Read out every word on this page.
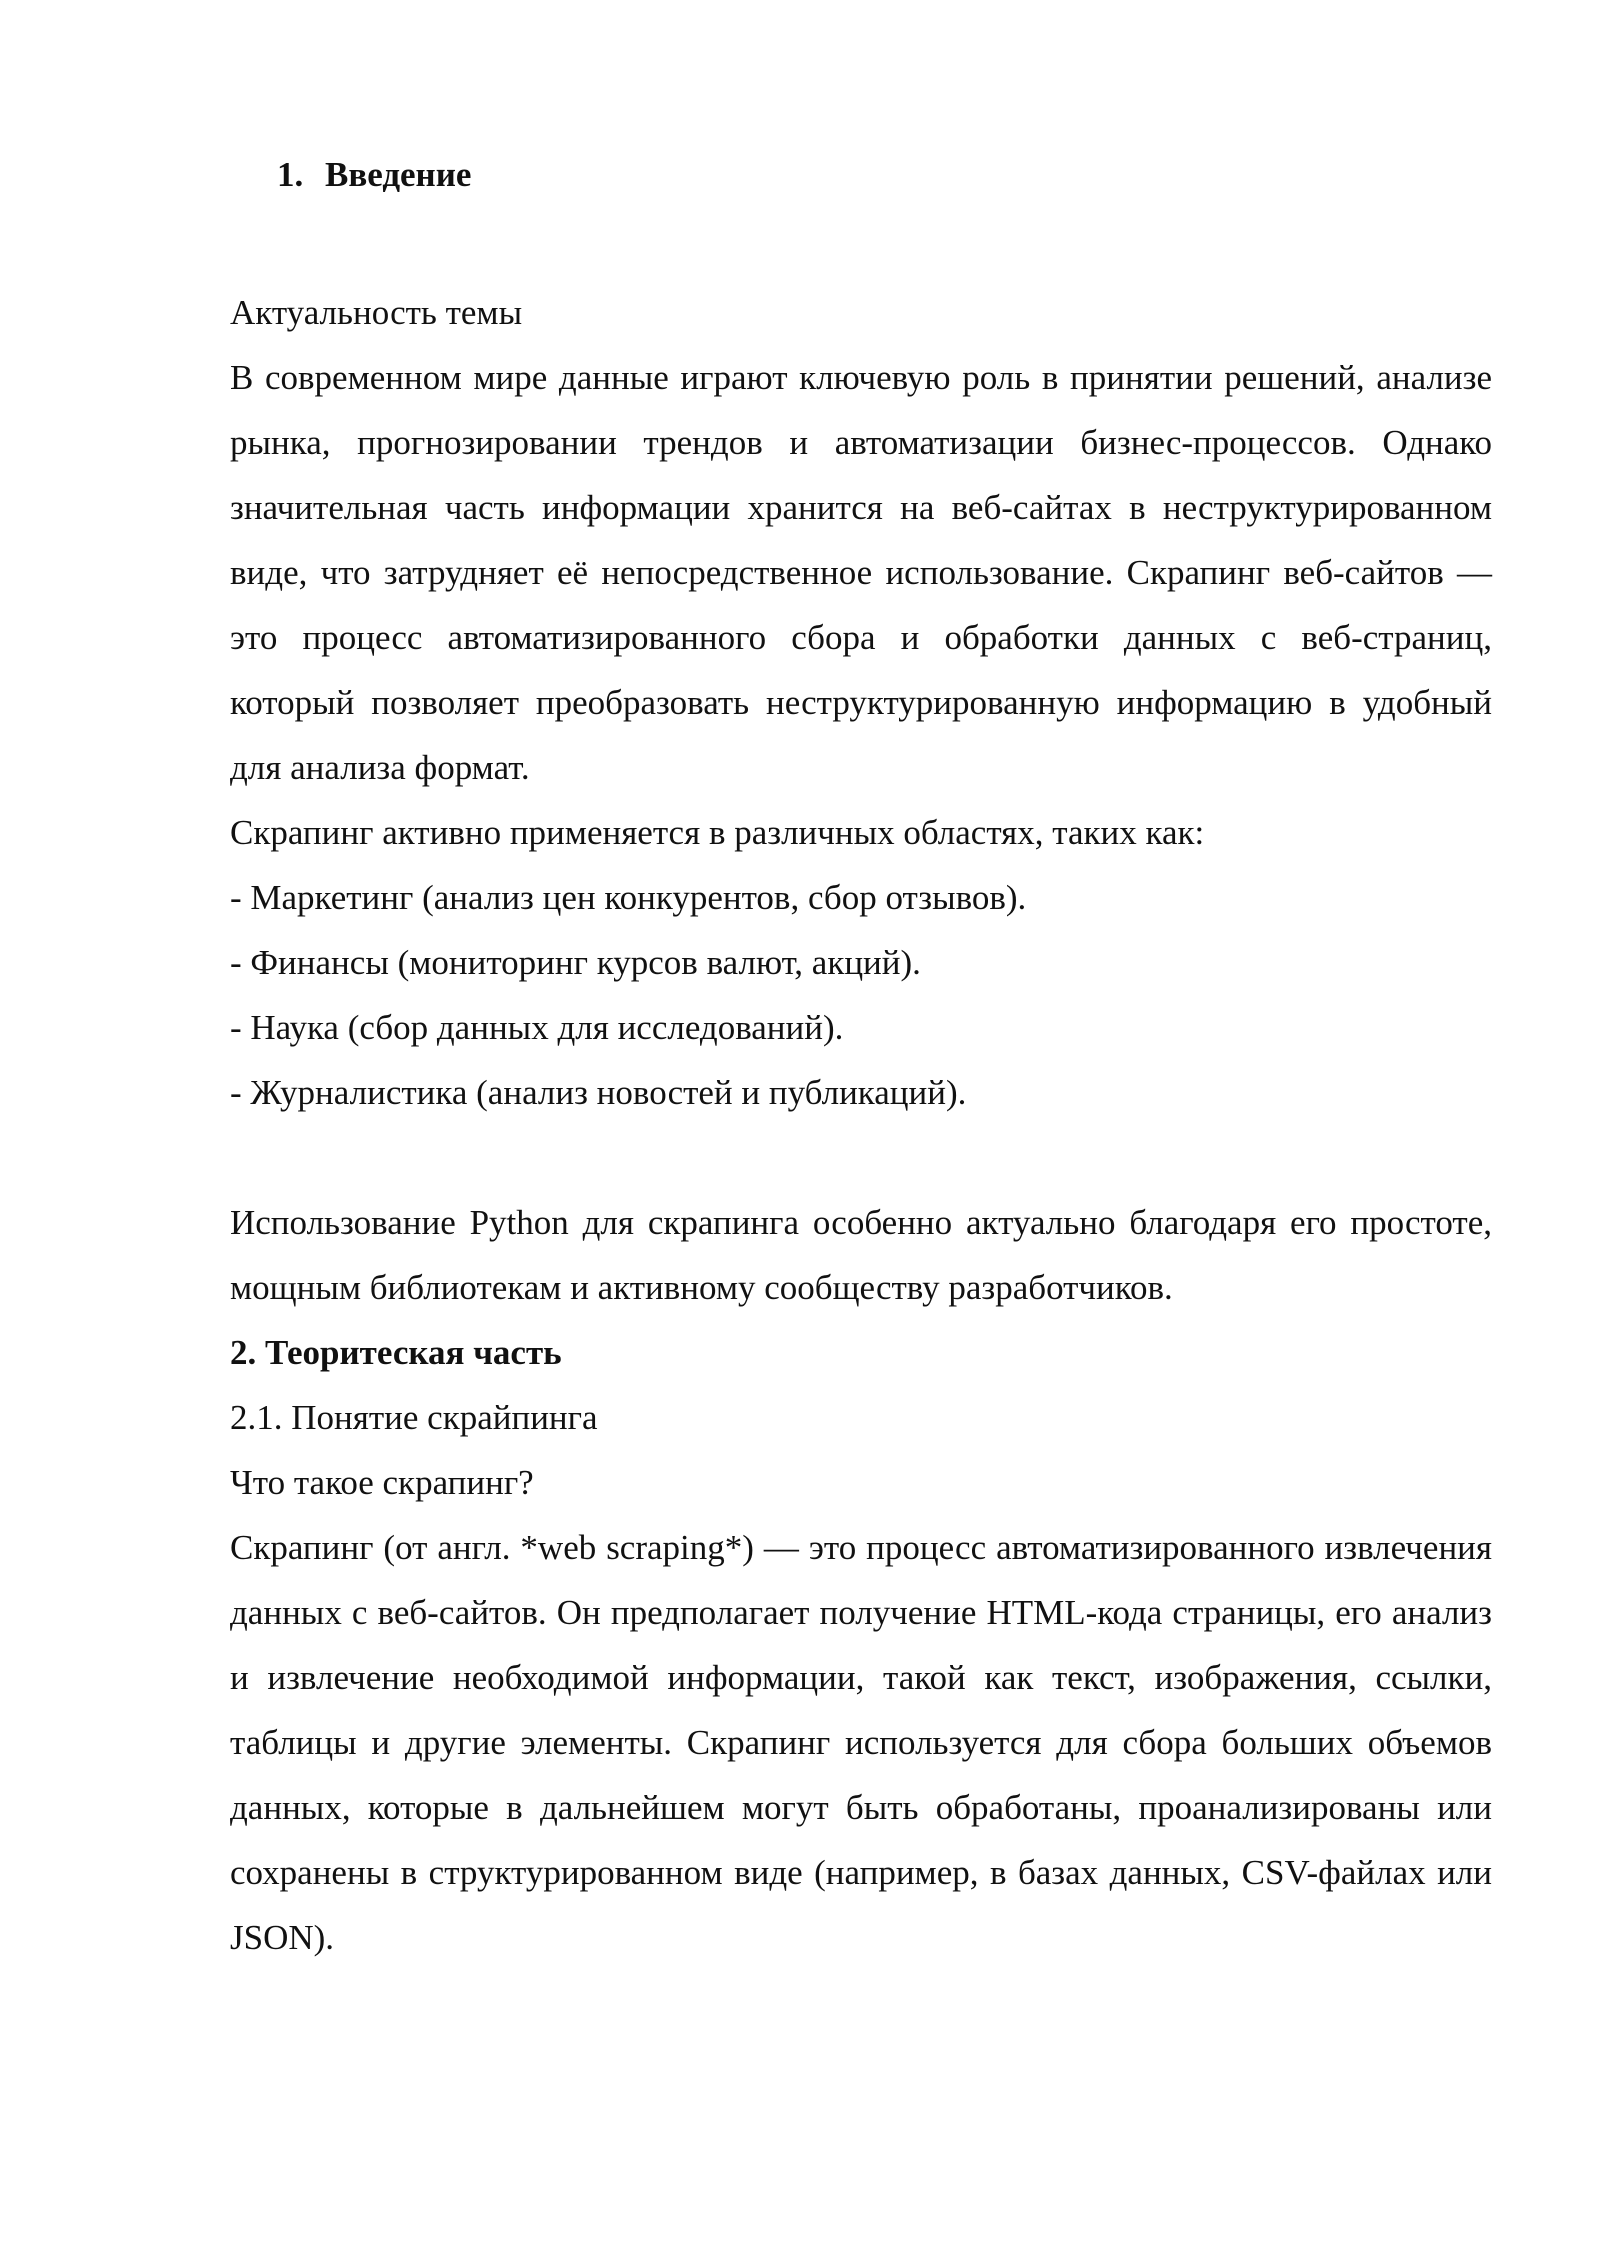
1. Введение

Актуальность темы

В современном мире данные играют ключевую роль в принятии решений, анализе рынка, прогнозировании трендов и автоматизации бизнес-процессов. Однако значительная часть информации хранится на веб-сайтах в неструктурированном виде, что затрудняет её непосредственное использование. Скрапинг веб-сайтов — это процесс автоматизированного сбора и обработки данных с веб-страниц, который позволяет преобразовать неструктурированную информацию в удобный для анализа формат.

Скрапинг активно применяется в различных областях, таких как:

- Маркетинг (анализ цен конкурентов, сбор отзывов).

- Финансы (мониторинг курсов валют, акций).

- Наука (сбор данных для исследований).

- Журналистика (анализ новостей и публикаций).

Использование Python для скрапинга особенно актуально благодаря его простоте, мощным библиотекам и активному сообществу разработчиков.

2. Теоритеская часть

2.1. Понятие скрайпинга

Что такое скрапинг?

Скрапинг (от англ. *web scraping*) — это процесс автоматизированного извлечения данных с веб-сайтов. Он предполагает получение HTML-кода страницы, его анализ и извлечение необходимой информации, такой как текст, изображения, ссылки, таблицы и другие элементы. Скрапинг используется для сбора больших объемов данных, которые в дальнейшем могут быть обработаны, проанализированы или сохранены в структурированном виде (например, в базах данных, CSV-файлах или JSON).
